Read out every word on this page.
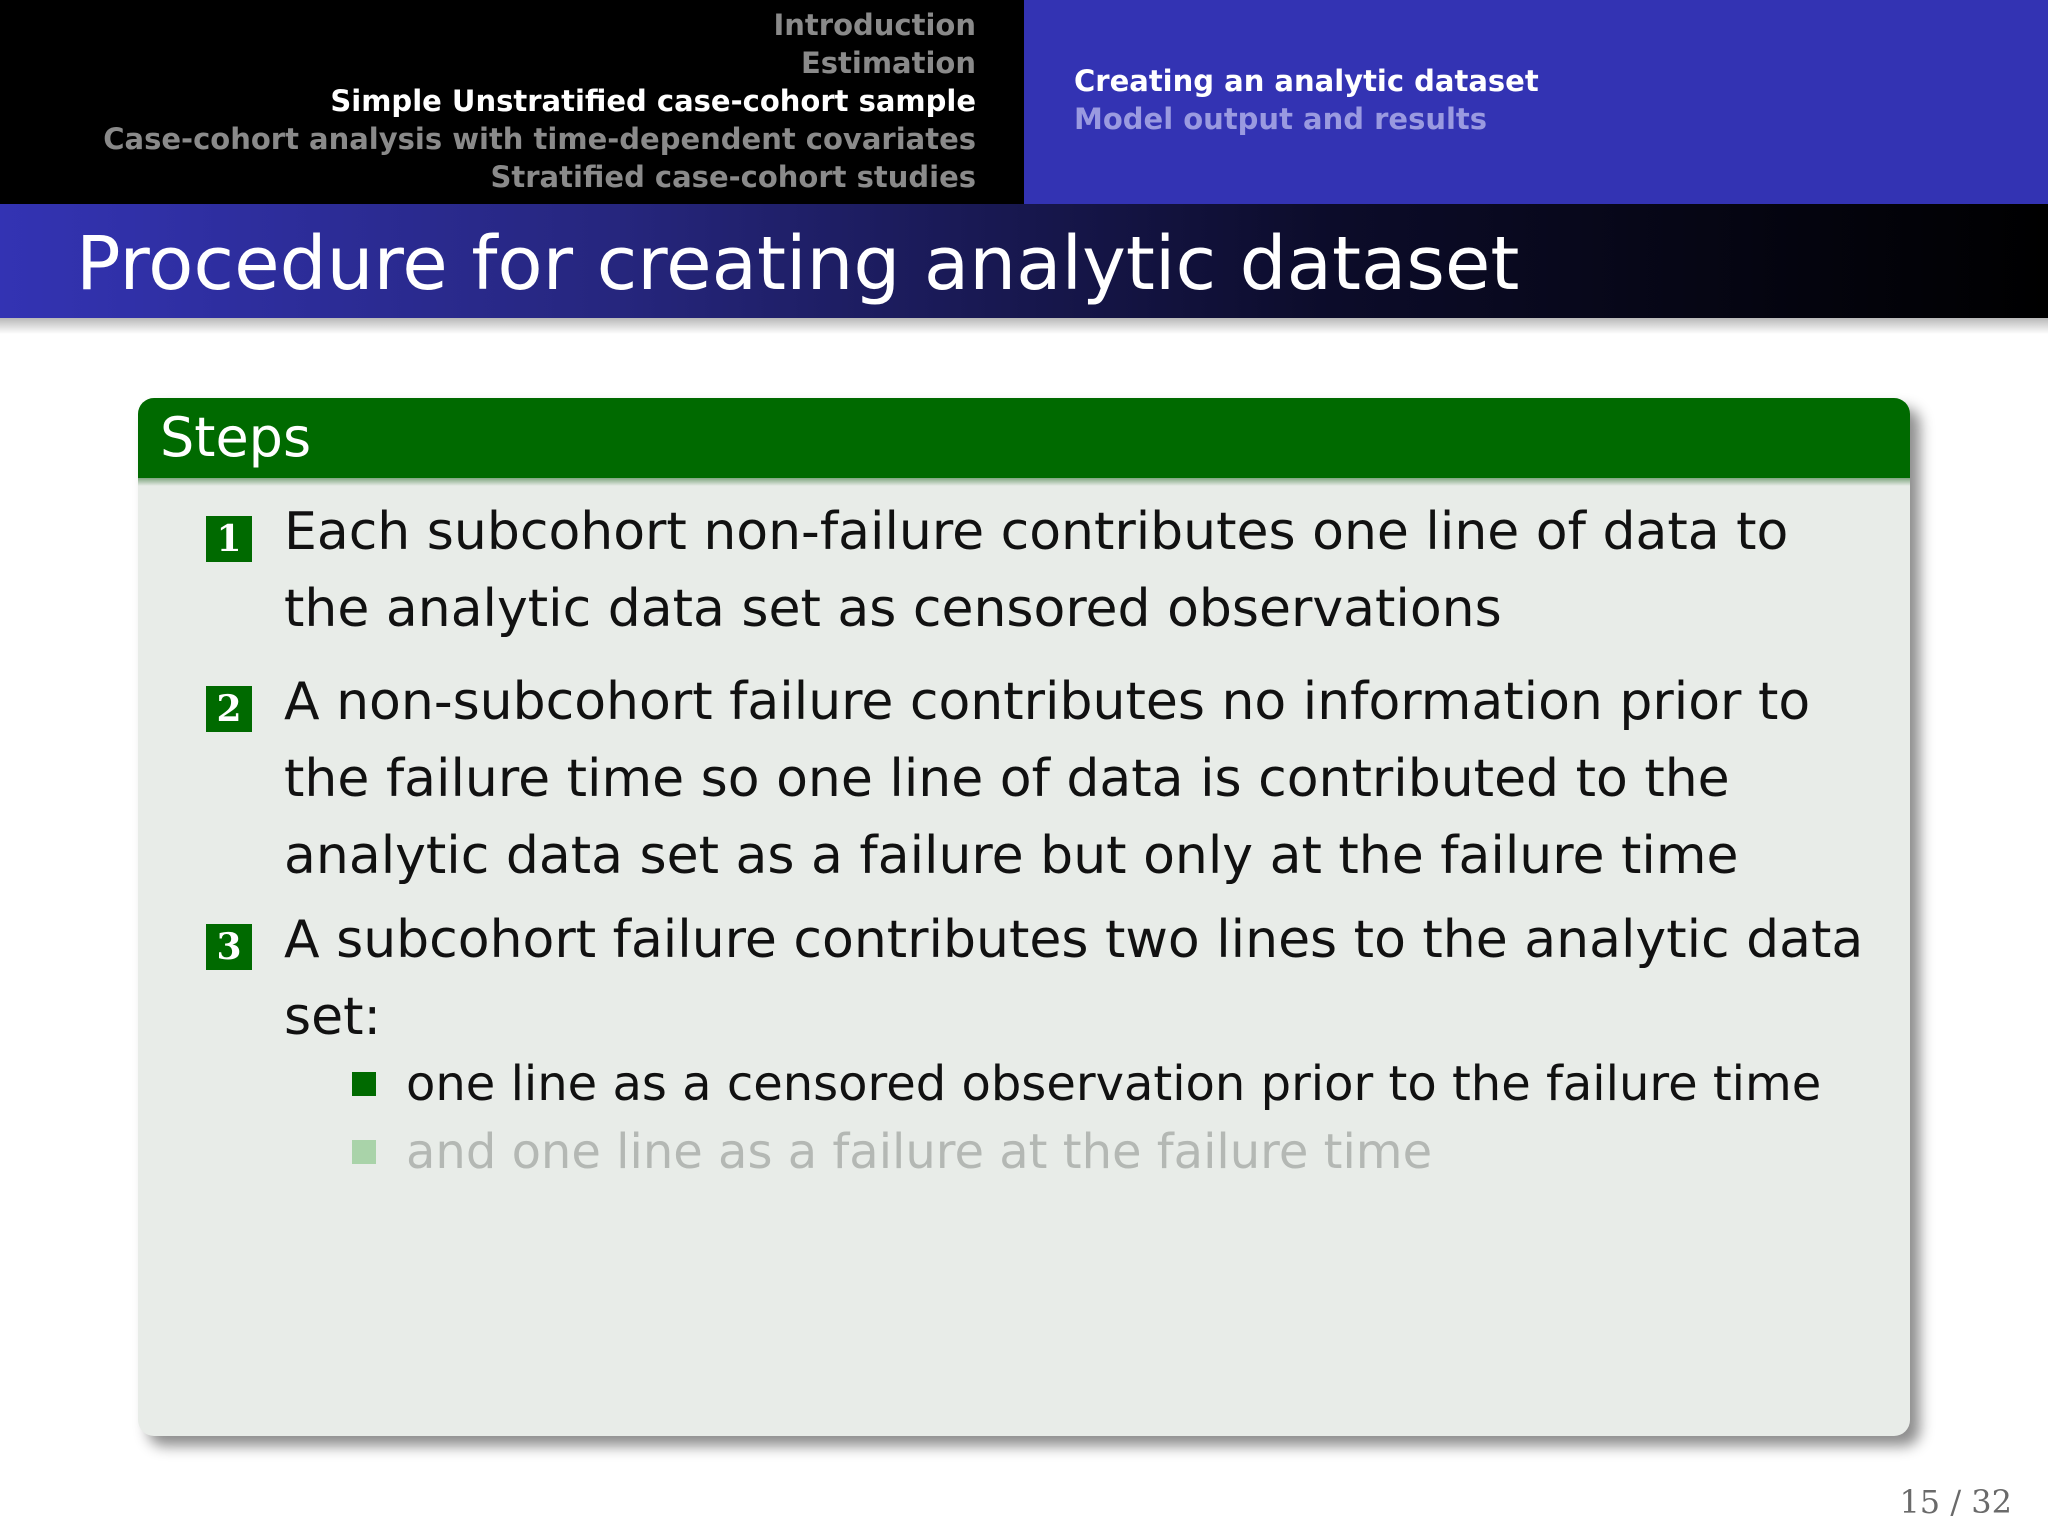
Introduction
Estimation
Simple Unstratified case-cohort sample
Case-cohort analysis with time-dependent covariates
Stratified case-cohort studies
Creating an analytic dataset
Model output and results
Procedure for creating analytic dataset
Steps
1 Each subcohort non-failure contributes one line of data to the analytic data set as censored observations
2 A non-subcohort failure contributes no information prior to the failure time so one line of data is contributed to the analytic data set as a failure but only at the failure time
3 A subcohort failure contributes two lines to the analytic data set:
one line as a censored observation prior to the failure time
and one line as a failure at the failure time
15 / 32
